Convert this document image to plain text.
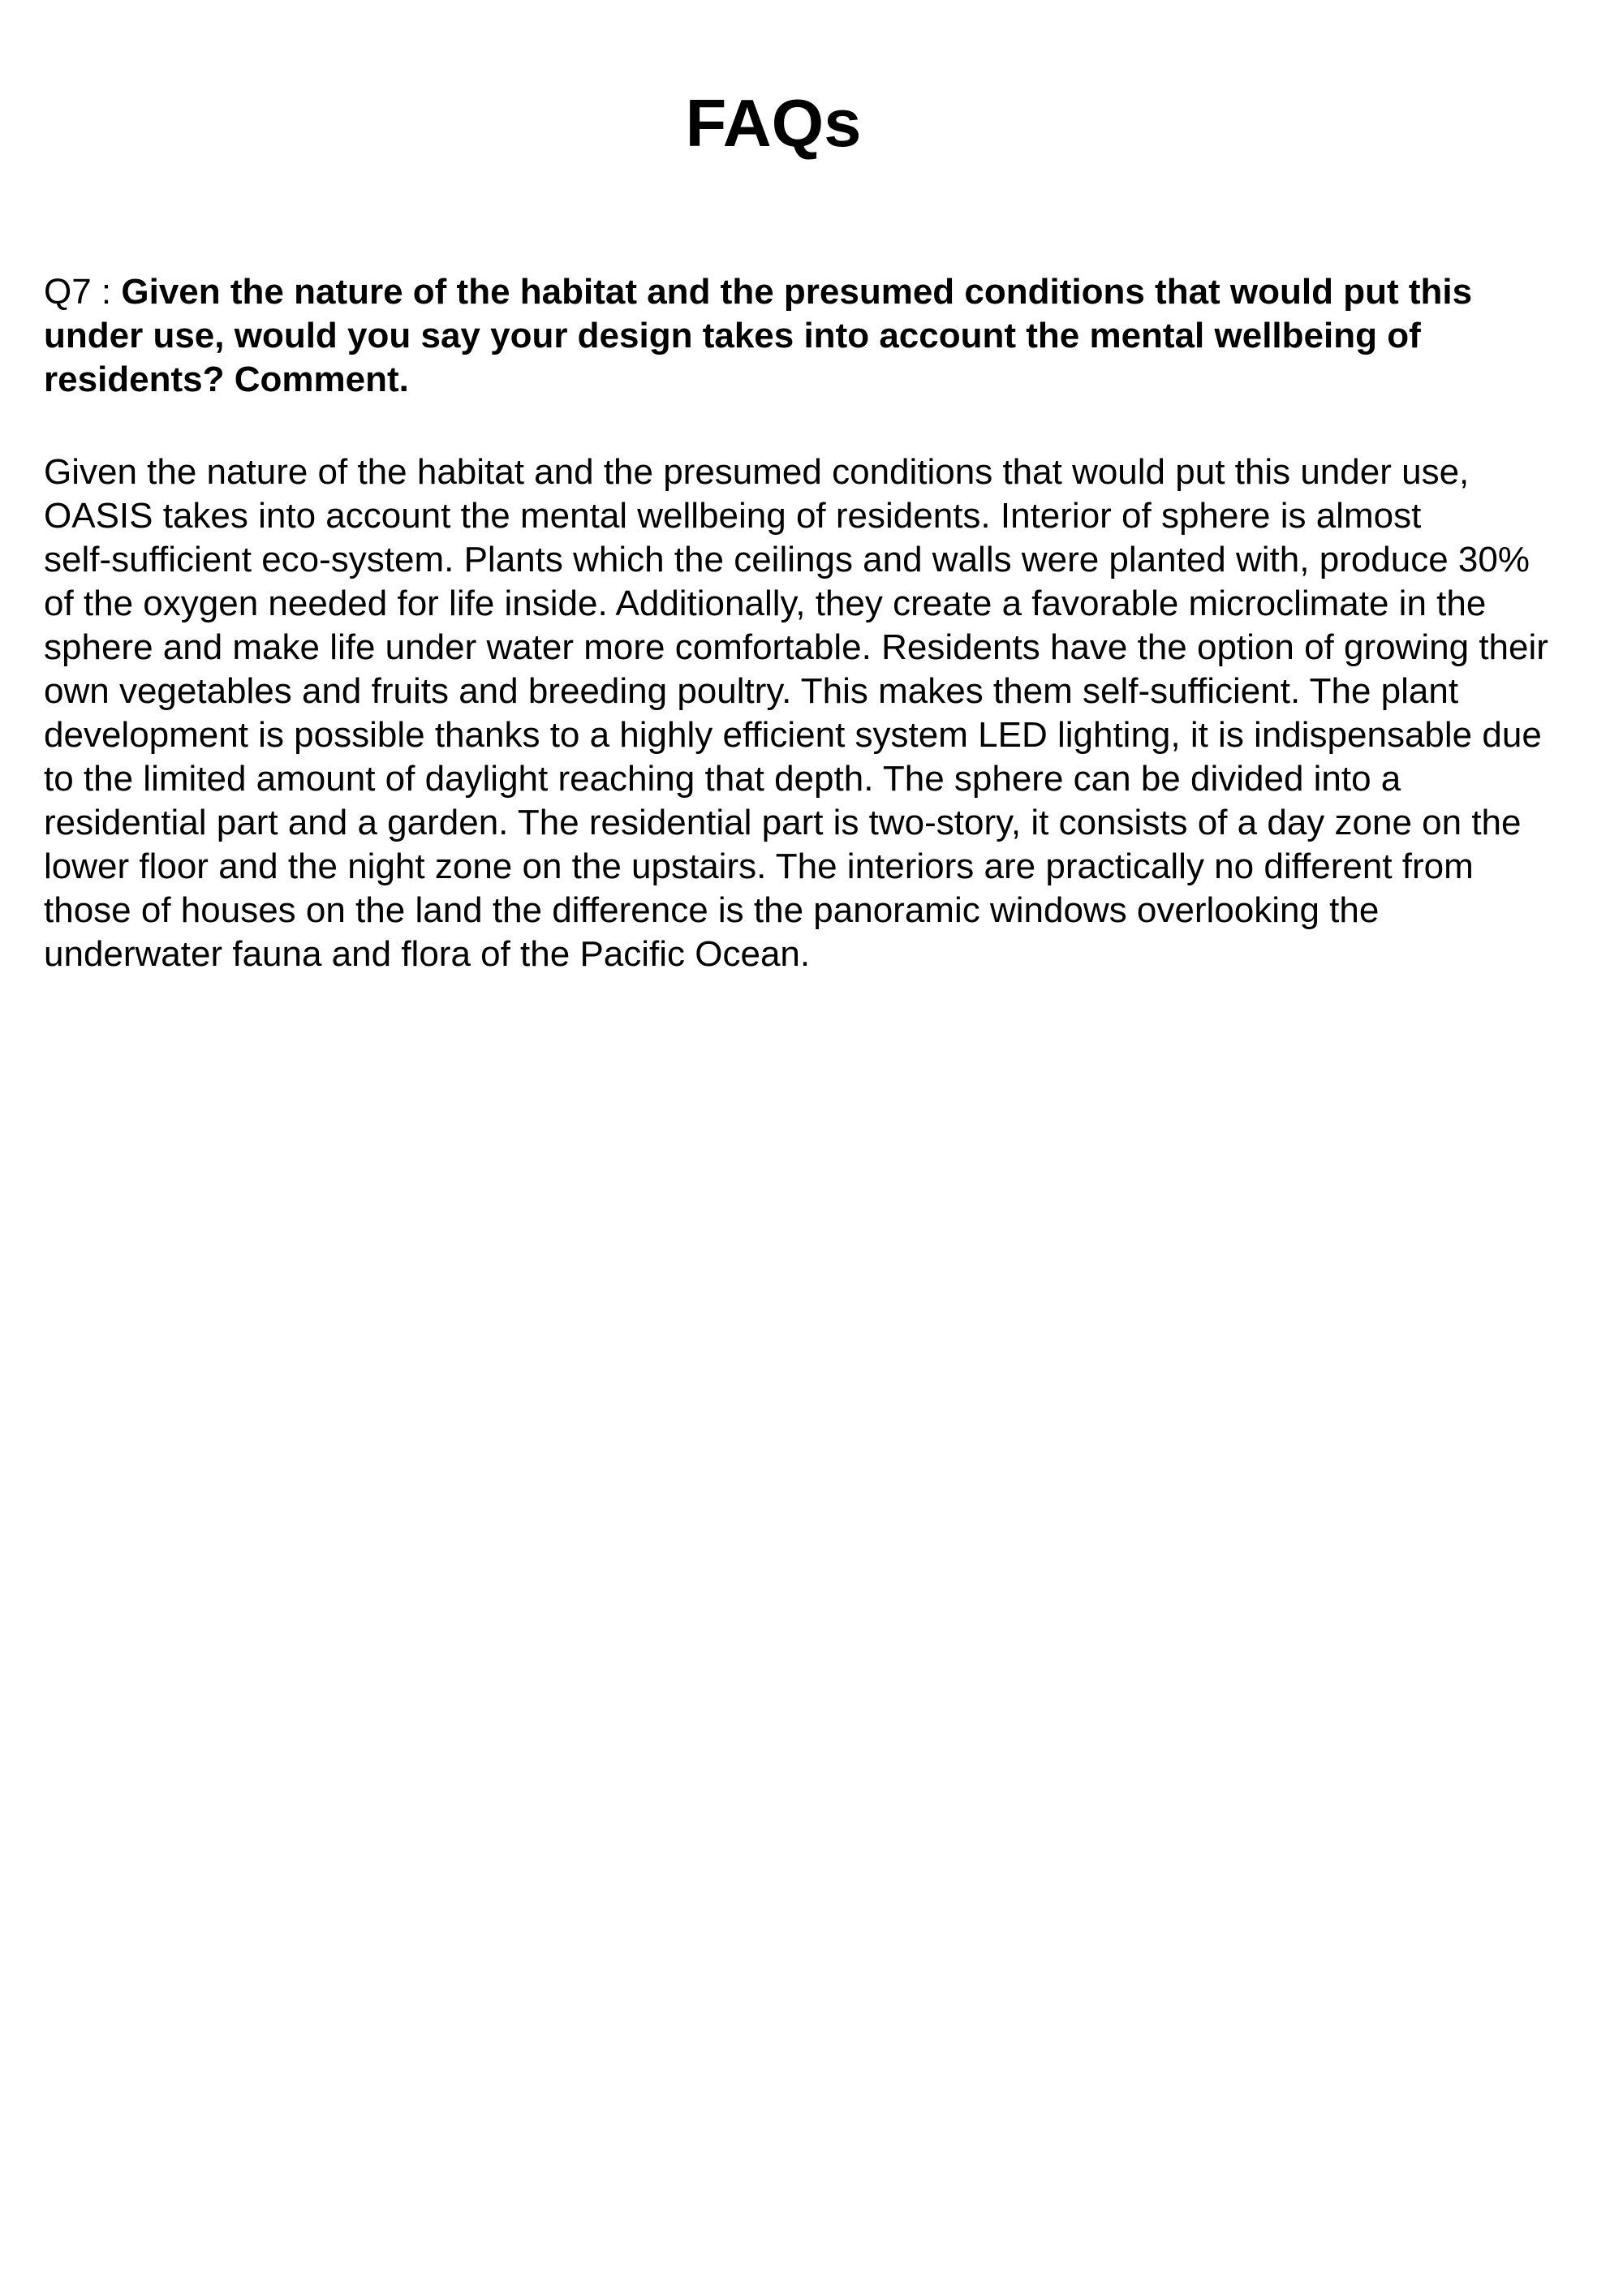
FAQs

Q7 : Given the nature of the habitat and the presumed conditions that would put this
under use, would you say your design takes into account the mental wellbeing of
residents? Comment.

Given the nature of the habitat and the presumed conditions that would put this under use,
OASIS takes into account the mental wellbeing of residents. Interior of sphere is almost
self-sufficient eco-system. Plants which the ceilings and walls were planted with, produce 30%
of the oxygen needed for life inside. Additionally, they create a favorable microclimate in the
sphere and make life under water more comfortable. Residents have the option of growing their
own vegetables and fruits and breeding poultry. This makes them self-sufficient. The plant
development is possible thanks to a highly efficient system LED lighting, it is indispensable due
to the limited amount of daylight reaching that depth. The sphere can be divided into a
residential part and a garden. The residential part is two-story, it consists of a day zone on the
lower floor and the night zone on the upstairs. The interiors are practically no different from
those of houses on the land the difference is the panoramic windows overlooking the
underwater fauna and flora of the Pacific Ocean.
